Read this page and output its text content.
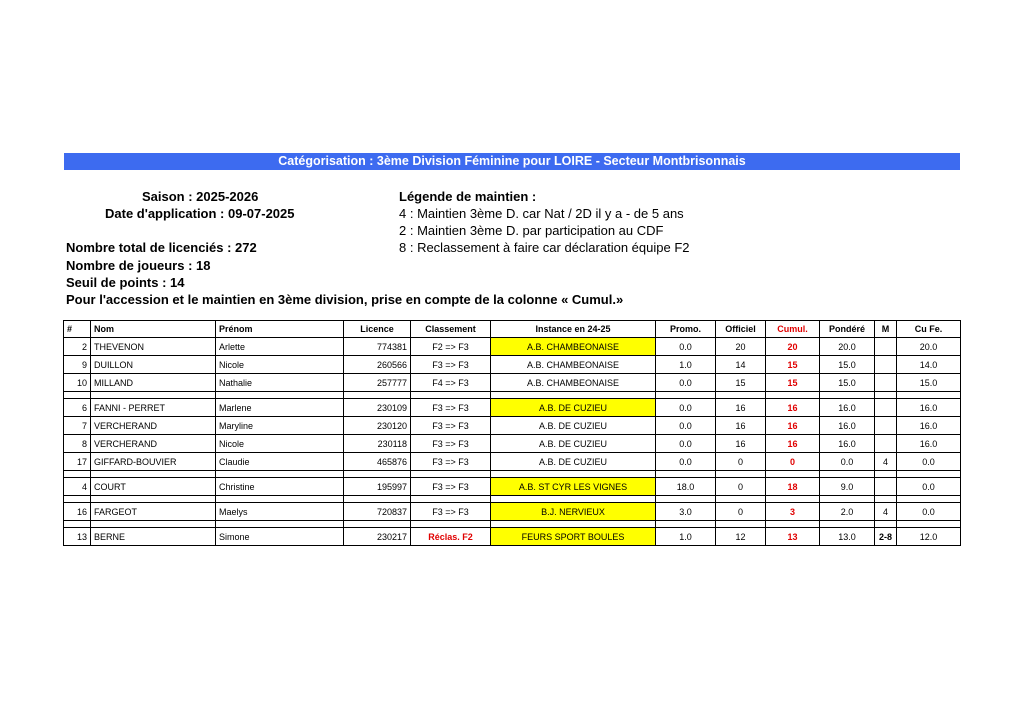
Catégorisation : 3ème Division Féminine pour LOIRE - Secteur Montbrisonnais
Saison : 2025-2026
Date d'application : 09-07-2025
Légende de maintien :
4 : Maintien 3ème D. car Nat / 2D il y a - de 5 ans
2 : Maintien 3ème D. par participation au CDF
8 : Reclassement à faire car déclaration équipe F2
Nombre total de licenciés : 272
Nombre de joueurs : 18
Seuil de points : 14
Pour l'accession et le maintien en 3ème division, prise en compte de la colonne « Cumul.»
#	Nom	Prénom	Licence	Classement	Instance en 24-25	Promo.	Officiel	Cumul.	Pondéré	M	Cu Fe.
2	THEVENON	Arlette	774381	F2 => F3	A.B. CHAMBEONAISE	0.0	20	20	20.0		20.0
9	DUILLON	Nicole	260566	F3 => F3	A.B. CHAMBEONAISE	1.0	14	15	15.0		14.0
10	MILLAND	Nathalie	257777	F4 => F3	A.B. CHAMBEONAISE	0.0	15	15	15.0		15.0

6	FANNI - PERRET	Marlene	230109	F3 => F3	A.B. DE CUZIEU	0.0	16	16	16.0		16.0
7	VERCHERAND	Maryline	230120	F3 => F3	A.B. DE CUZIEU	0.0	16	16	16.0		16.0
8	VERCHERAND	Nicole	230118	F3 => F3	A.B. DE CUZIEU	0.0	16	16	16.0		16.0
17	GIFFARD-BOUVIER	Claudie	465876	F3 => F3	A.B. DE CUZIEU	0.0	0	0	0.0	4	0.0

4	COURT	Christine	195997	F3 => F3	A.B. ST CYR LES VIGNES	18.0	0	18	9.0		0.0

16	FARGEOT	Maelys	720837	F3 => F3	B.J. NERVIEUX	3.0	0	3	2.0	4	0.0

13	BERNE	Simone	230217	Réclas. F2	FEURS SPORT BOULES	1.0	12	13	13.0	2-8	12.0
